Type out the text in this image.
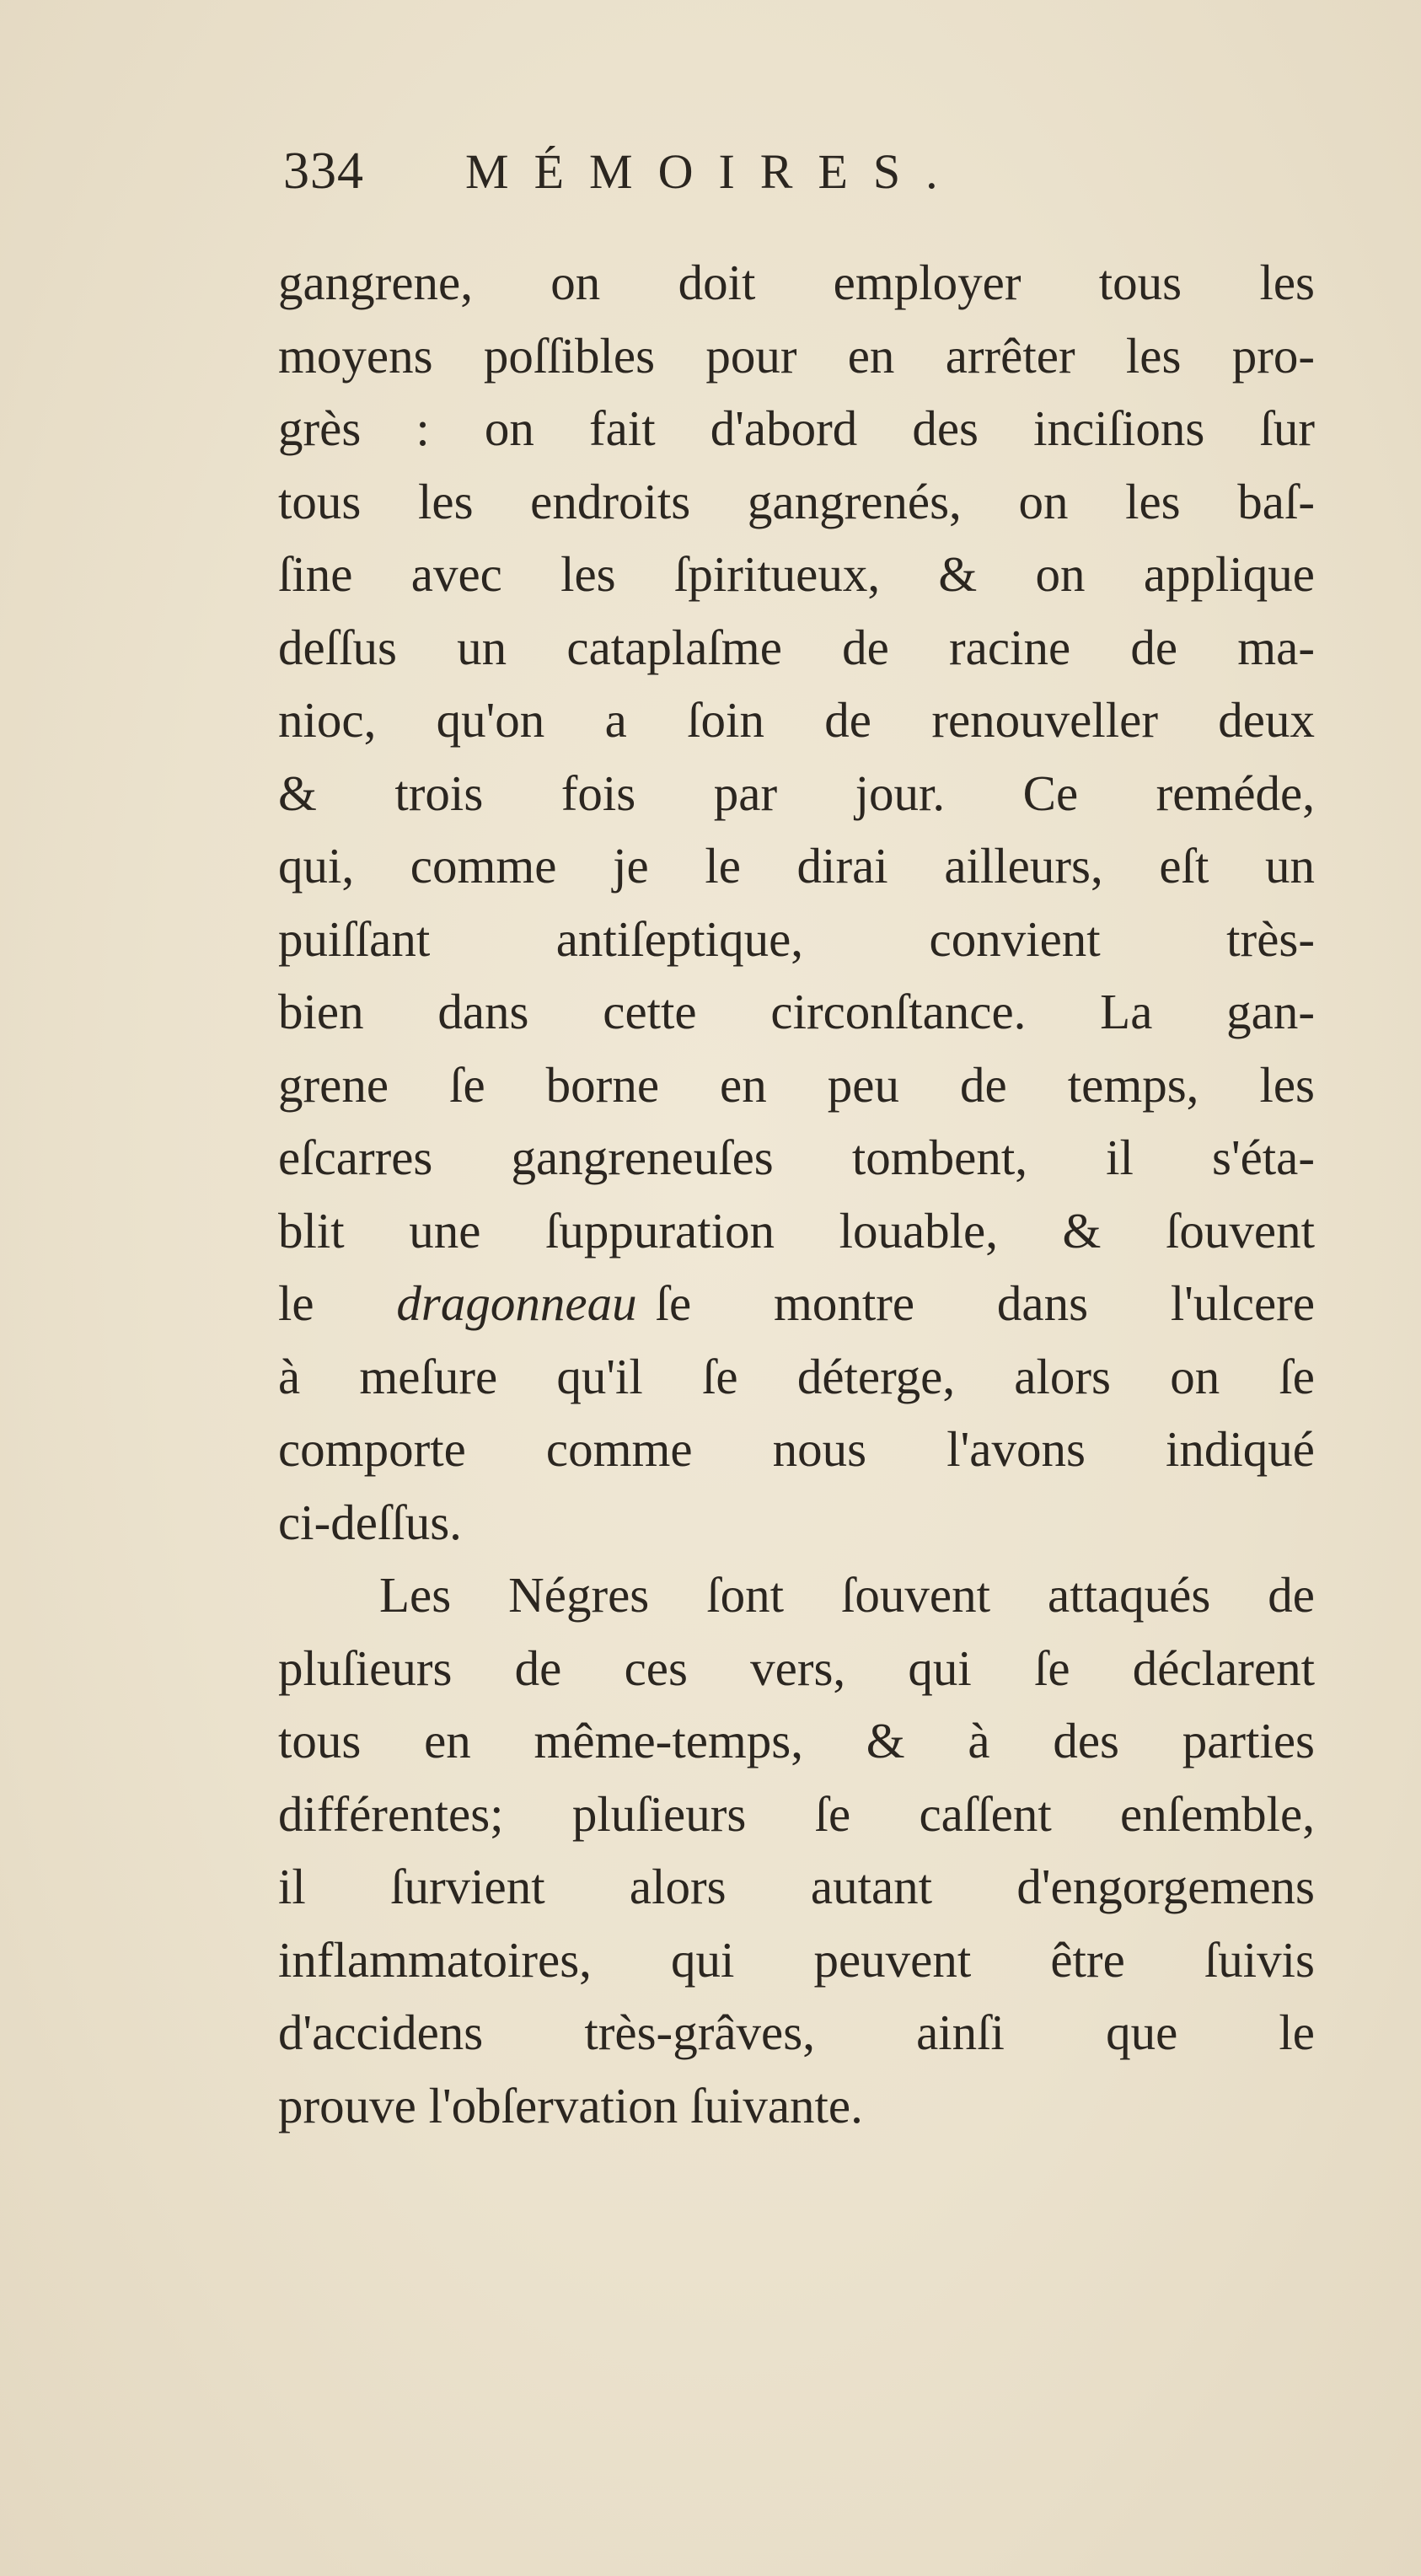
334 MÉMOIRES.
gangrene, on doit employer tous les
moyens poſſibles pour en arrêter les pro-
grès : on fait d'abord des inciſions ſur
tous les endroits gangrenés, on les baſ-
ſine avec les ſpiritueux, & on applique
deſſus un cataplaſme de racine de ma-
nioc, qu'on a ſoin de renouveller deux
& trois fois par jour. Ce reméde,
qui, comme je le dirai ailleurs, eſt un
puiſſant antiſeptique, convient très-
bien dans cette circonſtance. La gan-
grene ſe borne en peu de temps, les
eſcarres gangreneuſes tombent, il s'éta-
blit une ſuppuration louable, & ſouvent
le dragonneau ſe montre dans l'ulcere
à meſure qu'il ſe déterge, alors on ſe
comporte comme nous l'avons indiqué
ci-deſſus.
Les Négres ſont ſouvent attaqués de
pluſieurs de ces vers, qui ſe déclarent
tous en même-temps, & à des parties
différentes; pluſieurs ſe caſſent enſemble,
il ſurvient alors autant d'engorgemens
inflammatoires, qui peuvent être ſuivis
d'accidens très-grâves, ainſi que le
prouve l'obſervation ſuivante.
